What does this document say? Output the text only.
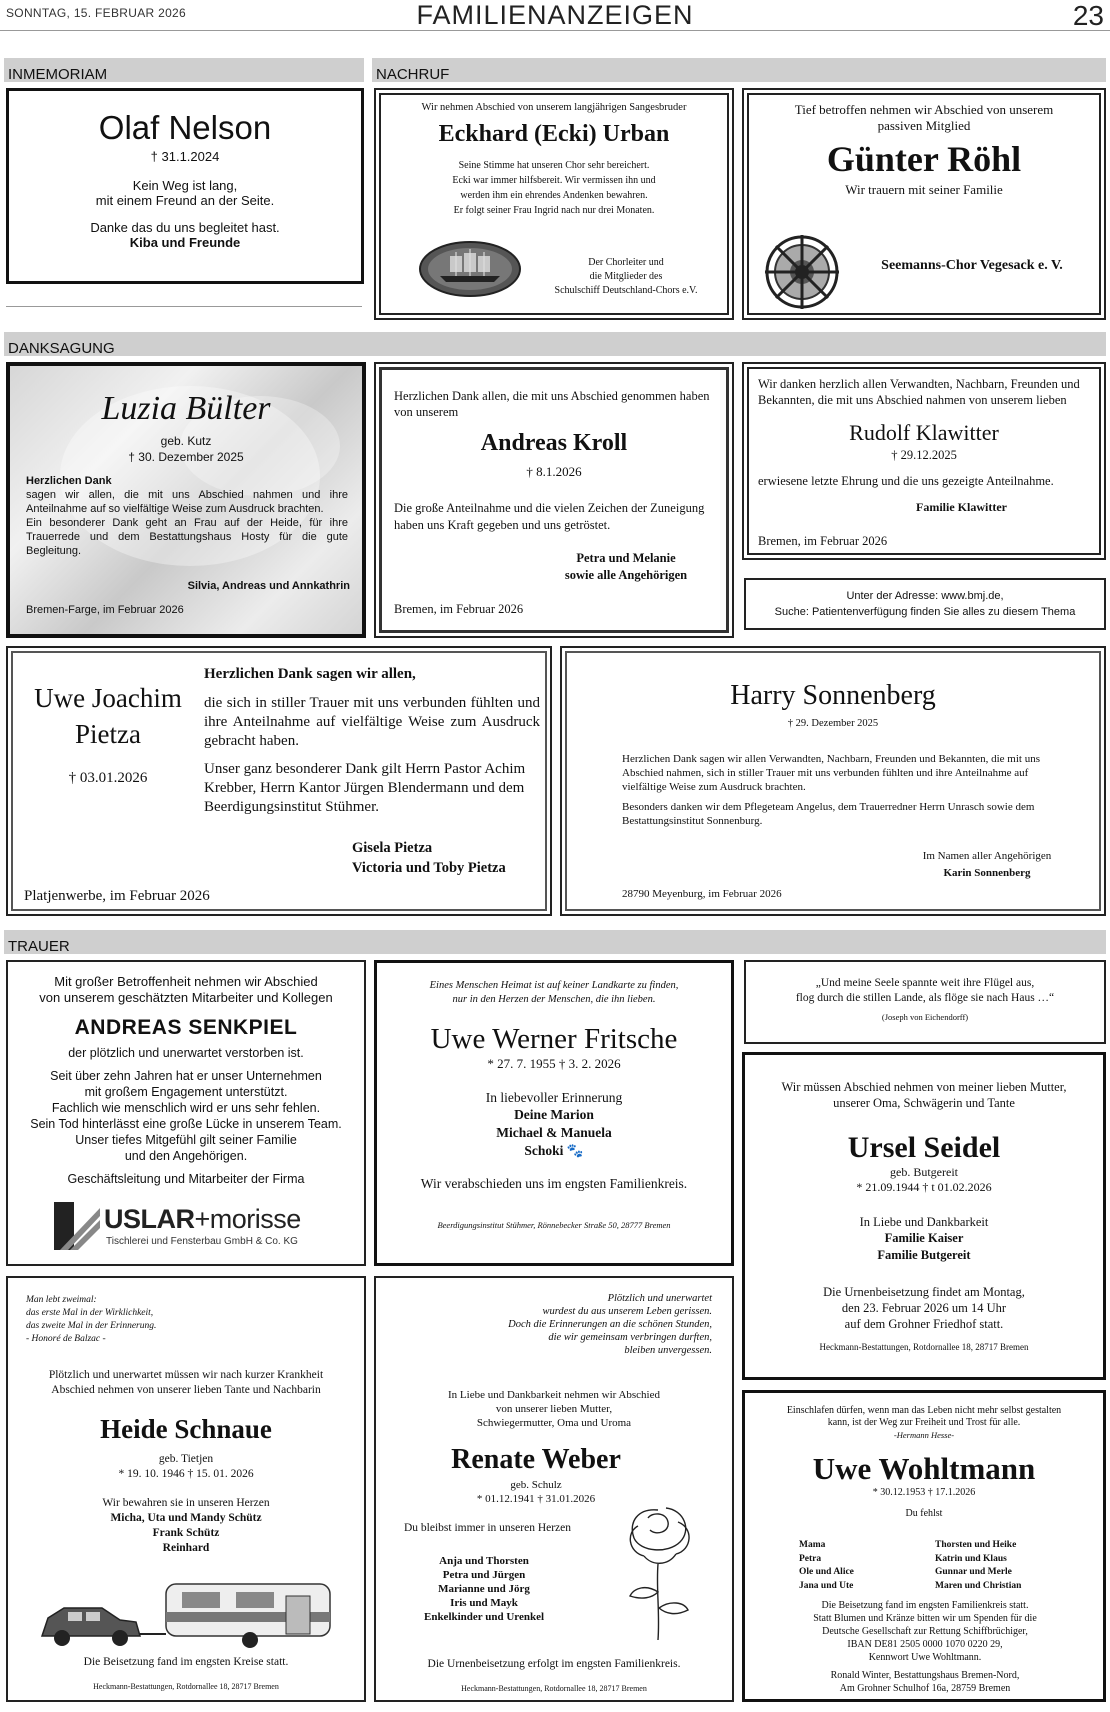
SONNTAG, 15. FEBRUAR 2026	FAMILIENANZEIGEN	23
INMEMORIAM	NACHRUF
DANKSAGUNG
TRAUER
Olaf Nelson
† 31.1.2024
Kein Weg ist lang,
mit einem Freund an der Seite.
Danke das du uns begleitet hast.
Kiba und Freunde
Wir nehmen Abschied von unserem langjährigen Sangesbruder
Eckhard (Ecki) Urban
Seine Stimme hat unseren Chor sehr bereichert.
Ecki war immer hilfsbereit. Wir vermissen ihn und
werden ihm ein ehrendes Andenken bewahren.
Er folgt seiner Frau Ingrid nach nur drei Monaten.
Der Chorleiter und
die Mitglieder des
Schulschiff Deutschland-Chors e.V.
Tief betroffen nehmen wir Abschied von unserem
passiven Mitglied
Günter Röhl
Wir trauern mit seiner Familie
Seemanns-Chor Vegesack e. V.
Luzia Bülter
geb. Kutz
† 30. Dezember 2025
Herzlichen Dank
sagen wir allen, die mit uns Abschied nahmen und ihre Anteilnahme auf so vielfältige Weise zum Ausdruck brachten.
Ein besonderer Dank geht an Frau auf der Heide, für ihre Trauerrede und dem Bestattungshaus Hosty für die gute Begleitung.
Silvia, Andreas und Annkathrin
Bremen-Farge, im Februar 2026
Herzlichen Dank allen, die mit uns Abschied genommen haben von unserem
Andreas Kroll
† 8.1.2026
Die große Anteilnahme und die vielen Zeichen der Zuneigung haben uns Kraft gegeben und uns getröstet.
Petra und Melanie
sowie alle Angehörigen
Bremen, im Februar 2026
Wir danken herzlich allen Verwandten, Nachbarn, Freunden und Bekannten, die mit uns Abschied nahmen von unserem lieben
Rudolf Klawitter
† 29.12.2025
erwiesene letzte Ehrung und die uns gezeigte Anteilnahme.
Familie Klawitter
Bremen, im Februar 2026
Unter der Adresse: www.bmj.de,
Suche: Patientenverfügung finden Sie alles zu diesem Thema
Uwe Joachim
Pietza
† 03.01.2026
Herzlichen Dank sagen wir allen,
die sich in stiller Trauer mit uns verbunden fühlten und ihre Anteilnahme auf vielfältige Weise zum Ausdruck gebracht haben.
Unser ganz besonderer Dank gilt Herrn Pastor Achim Krebber, Herrn Kantor Jürgen Blendermann und dem Beerdigungsinstitut Stühmer.
Gisela Pietza
Victoria und Toby Pietza
Platjenwerbe, im Februar 2026
Harry Sonnenberg
† 29. Dezember 2025
Herzlichen Dank sagen wir allen Verwandten, Nachbarn, Freunden und Bekannten, die mit uns Abschied nahmen, sich in stiller Trauer mit uns verbunden fühlten und ihre Anteilnahme auf vielfältige Weise zum Ausdruck brachten.
Besonders danken wir dem Pflegeteam Angelus, dem Trauerredner Herrn Unrasch sowie dem Bestattungsinstitut Sonnenburg.
Im Namen aller Angehörigen
Karin Sonnenberg
28790 Meyenburg, im Februar 2026
Mit großer Betroffenheit nehmen wir Abschied
von unserem geschätzten Mitarbeiter und Kollegen
ANDREAS SENKPIEL
der plötzlich und unerwartet verstorben ist.
Seit über zehn Jahren hat er unser Unternehmen
mit großem Engagement unterstützt.
Fachlich wie menschlich wird er uns sehr fehlen.
Sein Tod hinterlässt eine große Lücke in unserem Team.
Unser tiefes Mitgefühl gilt seiner Familie
und den Angehörigen.
Geschäftsleitung und Mitarbeiter der Firma
USLAR+morisse
Tischlerei und Fensterbau GmbH & Co. KG
Eines Menschen Heimat ist auf keiner Landkarte zu finden,
nur in den Herzen der Menschen, die ihn lieben.
Uwe Werner Fritsche
* 27. 7. 1955 † 3. 2. 2026
In liebevoller Erinnerung
Deine Marion
Michael & Manuela
Schoki 🐾
Wir verabschieden uns im engsten Familienkreis.
Beerdigungsinstitut Stühmer, Rönnebecker Straße 50, 28777 Bremen
„Und meine Seele spannte weit ihre Flügel aus,
flog durch die stillen Lande, als flöge sie nach Haus …“
(Joseph von Eichendorff)
Wir müssen Abschied nehmen von meiner lieben Mutter,
unserer Oma, Schwägerin und Tante
Ursel Seidel
geb. Butgereit
* 21.09.1944 † t 01.02.2026
In Liebe und Dankbarkeit
Familie Kaiser
Familie Butgereit
Die Urnenbeisetzung findet am Montag,
den 23. Februar 2026 um 14 Uhr
auf dem Grohner Friedhof statt.
Heckmann-Bestattungen, Rotdornallee 18, 28717 Bremen
Man lebt zweimal:
das erste Mal in der Wirklichkeit,
das zweite Mal in der Erinnerung.
- Honoré de Balzac -
Plötzlich und unerwartet müssen wir nach kurzer Krankheit
Abschied nehmen von unserer lieben Tante und Nachbarin
Heide Schnaue
geb. Tietjen
* 19. 10. 1946 † 15. 01. 2026
Wir bewahren sie in unseren Herzen
Micha, Uta und Mandy Schütz
Frank Schütz
Reinhard
Die Beisetzung fand im engsten Kreise statt.
Heckmann-Bestattungen, Rotdornallee 18, 28717 Bremen
Plötzlich und unerwartet
wurdest du aus unserem Leben gerissen.
Doch die Erinnerungen an die schönen Stunden,
die wir gemeinsam verbringen durften,
bleiben unvergessen.
In Liebe und Dankbarkeit nehmen wir Abschied
von unserer lieben Mutter,
Schwiegermutter, Oma und Uroma
Renate Weber
geb. Schulz
* 01.12.1941 † 31.01.2026
Du bleibst immer in unseren Herzen
Anja und Thorsten
Petra und Jürgen
Marianne und Jörg
Iris und Mayk
Enkelkinder und Urenkel
Die Urnenbeisetzung erfolgt im engsten Familienkreis.
Heckmann-Bestattungen, Rotdornallee 18, 28717 Bremen
Einschlafen dürfen, wenn man das Leben nicht mehr selbst gestalten
kann, ist der Weg zur Freiheit und Trost für alle.
-Hermann Hesse-
Uwe Wohltmann
* 30.12.1953 † 17.1.2026
Du fehlst
Mama
Petra
Ole und Alice
Jana und Ute
Thorsten und Heike
Katrin und Klaus
Gunnar und Merle
Maren und Christian
Die Beisetzung fand im engsten Familienkreis statt.
Statt Blumen und Kränze bitten wir um Spenden für die
Deutsche Gesellschaft zur Rettung Schiffbrüchiger,
IBAN DE81 2505 0000 1070 0220 29,
Kennwort Uwe Wohltmann.
Ronald Winter, Bestattungshaus Bremen-Nord,
Am Grohner Schulhof 16a, 28759 Bremen
